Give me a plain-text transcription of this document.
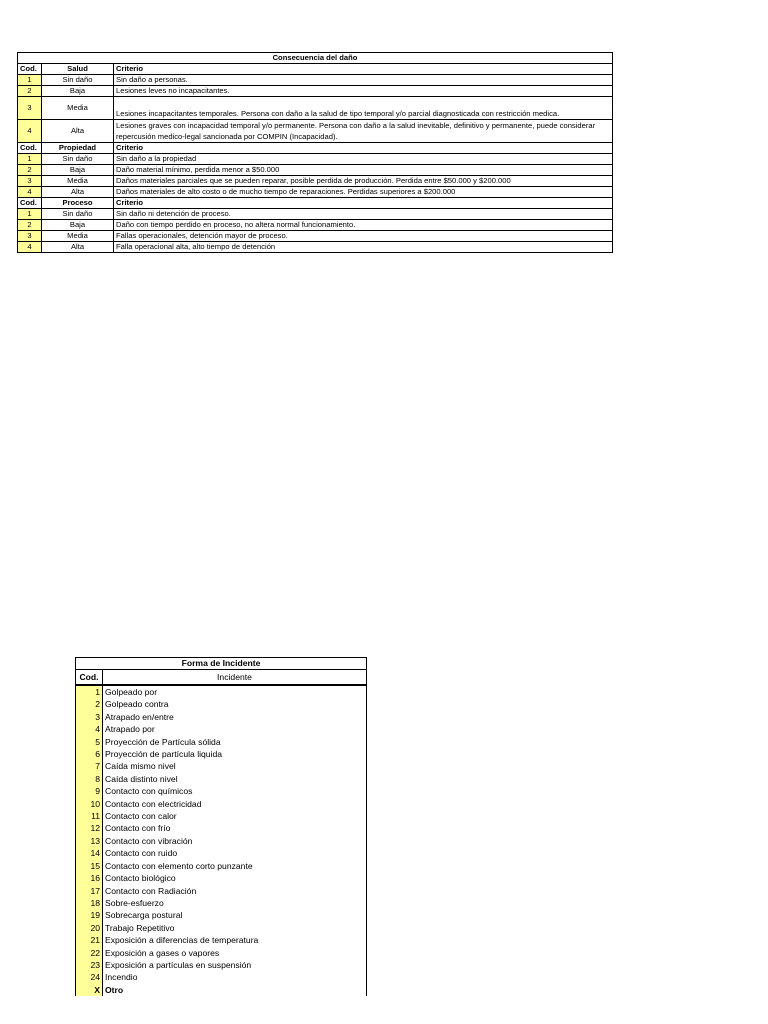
Consecuencia del daño		
Cod.	Salud	Criterio
1	Sin daño	Sin daño a personas.
2	Baja	Lesiones leves no incapacitantes.
3	Media	Lesiones incapacitantes temporales. Persona con daño a la salud de tipo temporal y/o parcial diagnosticada con restricción medica.
4	Alta	Lesiones graves con incapacidad temporal y/o permanente. Persona con daño a la salud inevitable, definitivo y permanente, puede considerar repercusión medico-legal sancionada por COMPIN (Incapacidad).
Cod.	Propiedad	Criterio
1	Sin daño	Sin daño a la propiedad
2	Baja	Daño material mínimo, perdida menor a $50.000
3	Media	Daños materiales parciales que se pueden reparar, posible perdida de producción. Perdida entre $50.000 y $200.000
4	Alta	Daños materiales de alto costo o de mucho tiempo de reparaciones. Perdidas superiores a $200.000
Cod.	Proceso	Criterio
1	Sin daño	Sin daño ni detención de proceso.
2	Baja	Daño con tiempo perdido en proceso, no altera normal funcionamiento.
3	Media	Fallas operacionales, detención mayor de proceso.
4	Alta	Falla operacional alta, alto tiempo de detención
Forma de Incidente	
Cod.	Incidente
1	Golpeado por
2	Golpeado contra
3	Atrapado en/entre
4	Atrapado por
5	Proyección de Partícula sólida
6	Proyección de partícula liquida
7	Caída mismo nivel
8	Caída distinto nivel
9	Contacto con químicos
10	Contacto con electricidad
11	Contacto con calor
12	Contacto con frío
13	Contacto con vibración
14	Contacto con ruido
15	Contacto con elemento corto punzante
16	Contacto biológico
17	Contacto con Radiación
18	Sobre-esfuerzo
19	Sobrecarga postural
20	Trabajo Repetitivo
21	Exposición a diferencias de temperatura
22	Exposición a gases o vapores
23	Exposición a partículas en suspensión
24	Incendio
X	Otro
